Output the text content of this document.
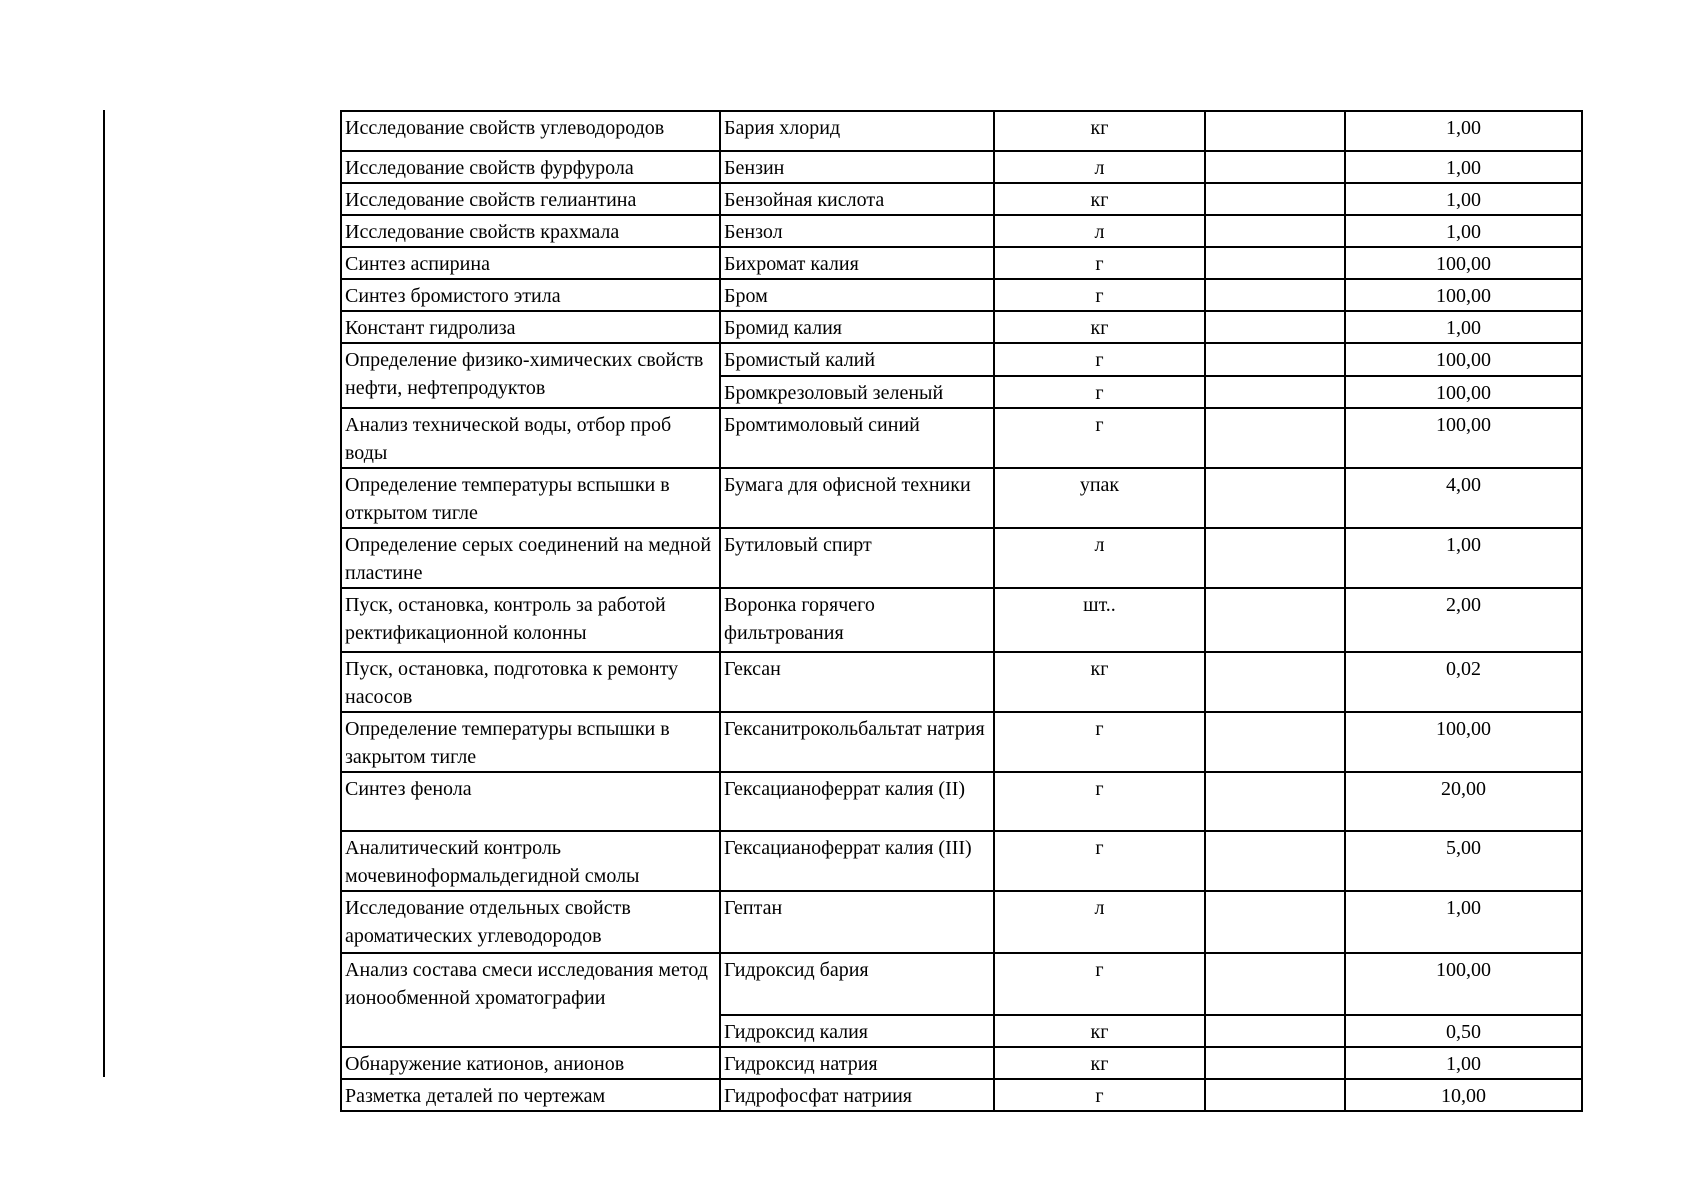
Исследование свойств углеводородов	Бария хлорид	кг		1,00
Исследование свойств фурфурола	Бензин	л		1,00
Исследование свойств гелиантина	Бензойная кислота	кг		1,00
Исследование свойств крахмала	Бензол	л		1,00
Синтез аспирина	Бихромат калия	г		100,00
Синтез бромистого этила	Бром	г		100,00
Констант гидролиза	Бромид калия	кг		1,00
Определение физико-химических свойств нефти, нефтепродуктов	Бромистый калий	г		100,00
	Бромкрезоловый зеленый	г		100,00
Анализ технической воды, отбор проб воды	Бромтимоловый синий	г		100,00
Определение температуры вспышки в открытом тигле	Бумага для офисной техники	упак		4,00
Определение серых соединений на медной пластине	Бутиловый спирт	л		1,00
Пуск, остановка, контроль за работой ректификационной колонны	Воронка горячего фильтрования	шт..		2,00
Пуск, остановка, подготовка к ремонту насосов	Гексан	кг		0,02
Определение температуры вспышки в закрытом тигле	Гексанитрокольбальтат натрия	г		100,00
Синтез фенола	Гексацианоферрат калия (II)	г		20,00
Аналитический контроль мочевиноформальдегидной смолы	Гексацианоферрат калия (III)	г		5,00
Исследование отдельных свойств ароматических углеводородов	Гептан	л		1,00
Анализ состава смеси исследования метод ионообменной хроматографии	Гидроксид бария	г		100,00
	Гидроксид калия	кг		0,50
Обнаружение катионов, анионов	Гидроксид натрия	кг		1,00
Разметка деталей по чертежам	Гидрофосфат натриия	г		10,00
